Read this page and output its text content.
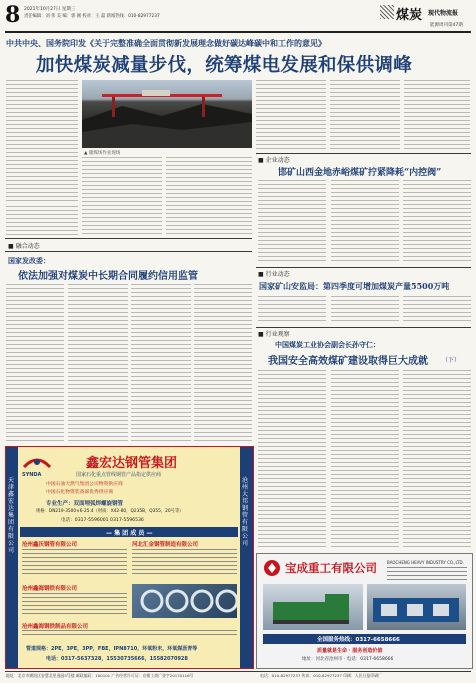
8 2021年10月27日 星期三
责任编辑：刘 伟 美 编：郭 刚 校对：王 磊 新闻热线：010-82977237	煤炭 现代物流报
能源周刊第47期
中共中央、国务院印发《关于完整准确全面贯彻新发展理念做好碳达峰碳中和工作的意见》
加快煤炭减量步伐，统筹煤电发展和保供调峰
▲ 储煤场作业现场
■ 融合动态
■ 企业动态
邯矿山西金地赤峪煤矿拧紧降耗“内控阀”
■ 行业动态
国家矿山安监局：第四季度可增加煤炭产量5500万吨
■ 行业观察
中国煤炭工业协会副会长孙守仁：
我国安全高效煤矿建设取得巨大成就 （下）
国家发改委：
依法加强对煤炭中长期合同履约信用监管
天津鑫宏达集团有限公司
沧州大邦钢管有限公司
SYNDA
鑫宏达钢管集团
国家石化重点管线钢管产品指定供应商
中国石油天然气集团公司物资供应商
中国石化物资装备部优秀供应商
专业生产：双面埋弧焊螺旋钢管
规格：DN219-3500×6-25.4（材质：X42-80，Q235B，Q355，20号等）
电话：0317-5596001 0317-5596536
— 集 团 成 员 —
沧州鑫沃钢管有限公司	河北汇金钢管制造有限公司
沧州鑫海钢铁有限公司
沧州鑫海钢铁制品有限公司
管道规格：2PE，3PE，3PP，FBE，IPN8710，环氧粉末，环氧煤沥青等
电话：0317-5637328，15530735666，15582070928
宝成重工有限公司	BAOCHENG HEAVY INDUSTRY CO.,LTD.
全国服务热线：0317-6658666
质量就是生命 · 服务创造价值
地址：河北省沧州市 · 电话：0317-6658666
地址：北京市朝阳区安慧北里逸园5号楼 邮政编码：100101 广告经营许可证：京朝工商广登字20170116号	电话：010-82977237 传真：010-82977237 印刷：人民日报印刷厂
